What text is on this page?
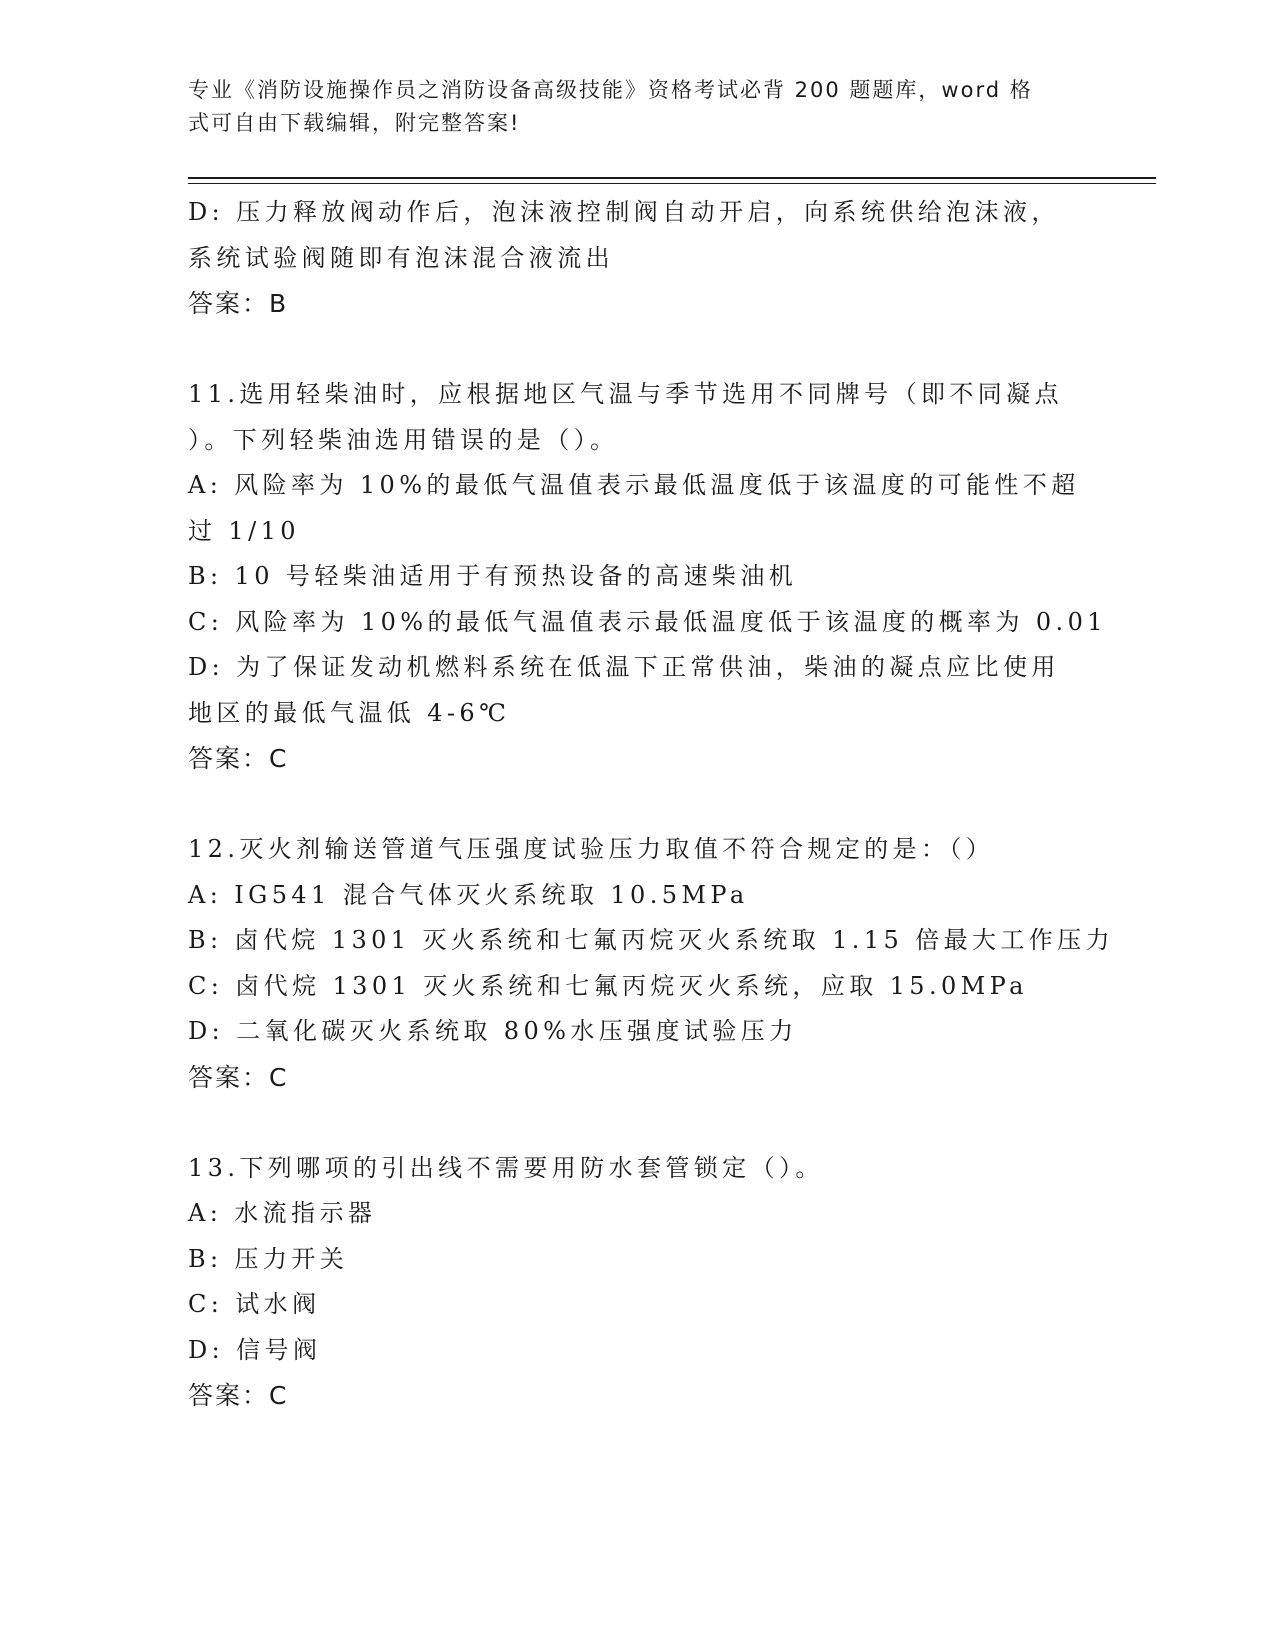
专业《消防设施操作员之消防设备高级技能》资格考试必背 200 题题库，word 格
式可自由下载编辑，附完整答案!
D: 压力释放阀动作后，泡沫液控制阀自动开启，向系统供给泡沫液，
系统试验阀随即有泡沫混合液流出
答案：B
11.选用轻柴油时，应根据地区气温与季节选用不同牌号（即不同凝点
）。下列轻柴油选用错误的是（）。
A: 风险率为 10%的最低气温值表示最低温度低于该温度的可能性不超
过 1/10
B: 10 号轻柴油适用于有预热设备的高速柴油机
C: 风险率为 10%的最低气温值表示最低温度低于该温度的概率为 0.01
D: 为了保证发动机燃料系统在低温下正常供油，柴油的凝点应比使用
地区的最低气温低 4-6℃
答案：C
12.灭火剂输送管道气压强度试验压力取值不符合规定的是：（）
A: IG541 混合气体灭火系统取 10.5MPa
B: 卤代烷 1301 灭火系统和七氟丙烷灭火系统取 1.15 倍最大工作压力
C: 卤代烷 1301 灭火系统和七氟丙烷灭火系统，应取 15.0MPa
D: 二氧化碳灭火系统取 80%水压强度试验压力
答案：C
13.下列哪项的引出线不需要用防水套管锁定（）。
A: 水流指示器
B: 压力开关
C: 试水阀
D: 信号阀
答案：C
